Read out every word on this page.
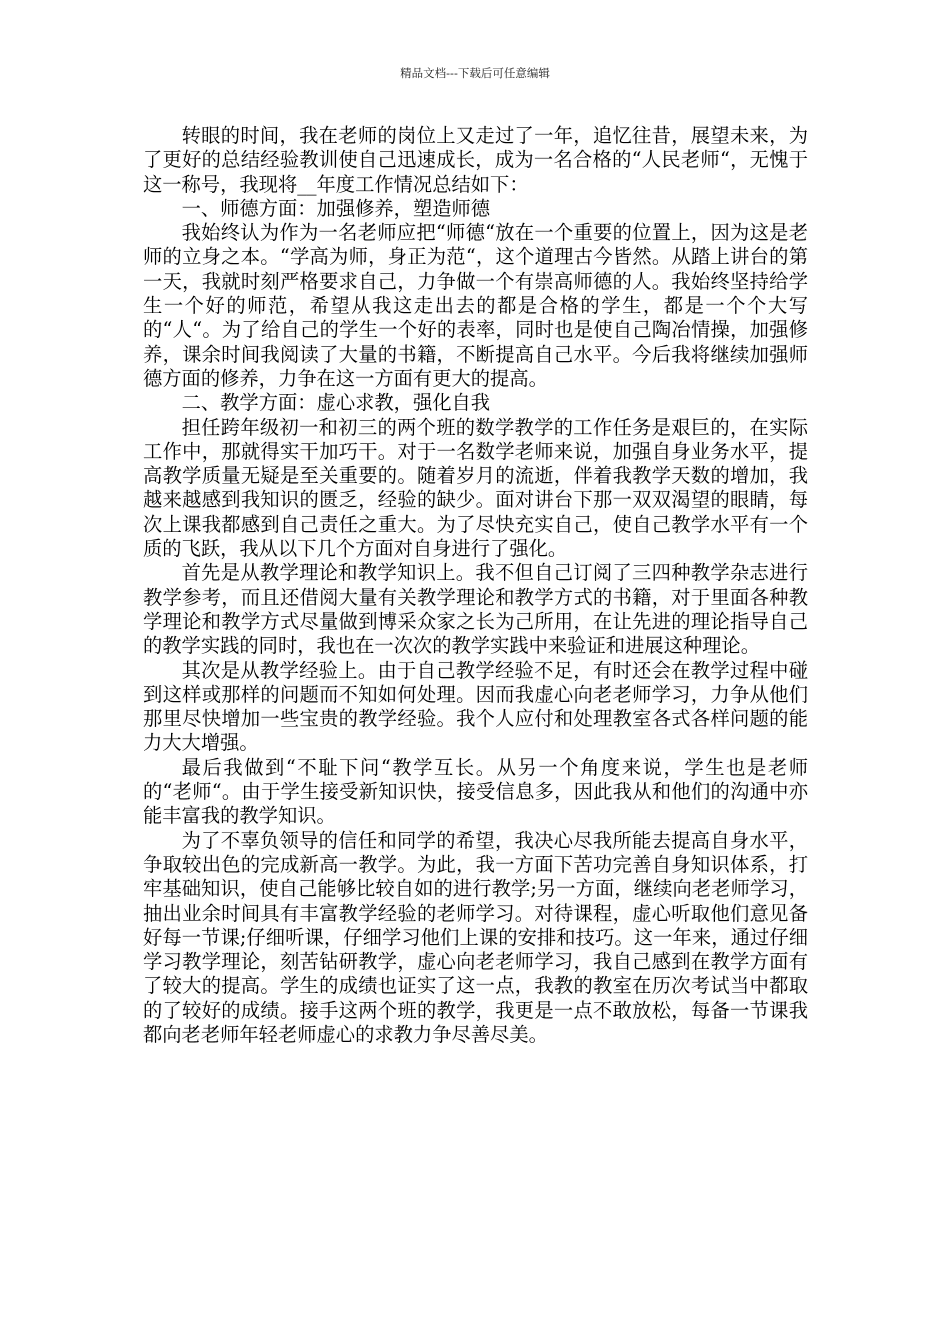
精品文档---下载后可任意编辑

转眼的时间，我在老师的岗位上又走过了一年，追忆往昔，展望未来，为了更好的总结经验教训使自己迅速成长，成为一名合格的“人民老师“，无愧于这一称号，我现将__年度工作情况总结如下：

一、师德方面：加强修养，塑造师德

我始终认为作为一名老师应把“师德“放在一个重要的位置上，因为这是老师的立身之本。“学高为师，身正为范“，这个道理古今皆然。从踏上讲台的第一天，我就时刻严格要求自己，力争做一个有崇高师德的人。我始终坚持给学生一个好的师范，希望从我这走出去的都是合格的学生，都是一个个大写的“人“。为了给自己的学生一个好的表率，同时也是使自己陶冶情操，加强修养，课余时间我阅读了大量的书籍，不断提高自己水平。今后我将继续加强师德方面的修养，力争在这一方面有更大的提高。

二、教学方面：虚心求教，强化自我

担任跨年级初一和初三的两个班的数学教学的工作任务是艰巨的，在实际工作中，那就得实干加巧干。对于一名数学老师来说，加强自身业务水平，提高教学质量无疑是至关重要的。随着岁月的流逝，伴着我教学天数的增加，我越来越感到我知识的匮乏，经验的缺少。面对讲台下那一双双渴望的眼睛，每次上课我都感到自己责任之重大。为了尽快充实自己，使自己教学水平有一个质的飞跃，我从以下几个方面对自身进行了强化。

首先是从教学理论和教学知识上。我不但自己订阅了三四种教学杂志进行教学参考，而且还借阅大量有关教学理论和教学方式的书籍，对于里面各种教学理论和教学方式尽量做到博采众家之长为己所用，在让先进的理论指导自己的教学实践的同时，我也在一次次的教学实践中来验证和进展这种理论。

其次是从教学经验上。由于自己教学经验不足，有时还会在教学过程中碰到这样或那样的问题而不知如何处理。因而我虚心向老老师学习，力争从他们那里尽快增加一些宝贵的教学经验。我个人应付和处理教室各式各样问题的能力大大增强。

最后我做到“不耻下问“教学互长。从另一个角度来说，学生也是老师的“老师“。由于学生接受新知识快，接受信息多，因此我从和他们的沟通中亦能丰富我的教学知识。

为了不辜负领导的信任和同学的希望，我决心尽我所能去提高自身水平，争取较出色的完成新高一教学。为此，我一方面下苦功完善自身知识体系，打牢基础知识，使自己能够比较自如的进行教学;另一方面，继续向老老师学习，抽出业余时间具有丰富教学经验的老师学习。对待课程，虚心听取他们意见备好每一节课;仔细听课，仔细学习他们上课的安排和技巧。这一年来，通过仔细学习教学理论，刻苦钻研教学，虚心向老老师学习，我自己感到在教学方面有了较大的提高。学生的成绩也证实了这一点，我教的教室在历次考试当中都取的了较好的成绩。接手这两个班的教学，我更是一点不敢放松，每备一节课我都向老老师年轻老师虚心的求教力争尽善尽美。
